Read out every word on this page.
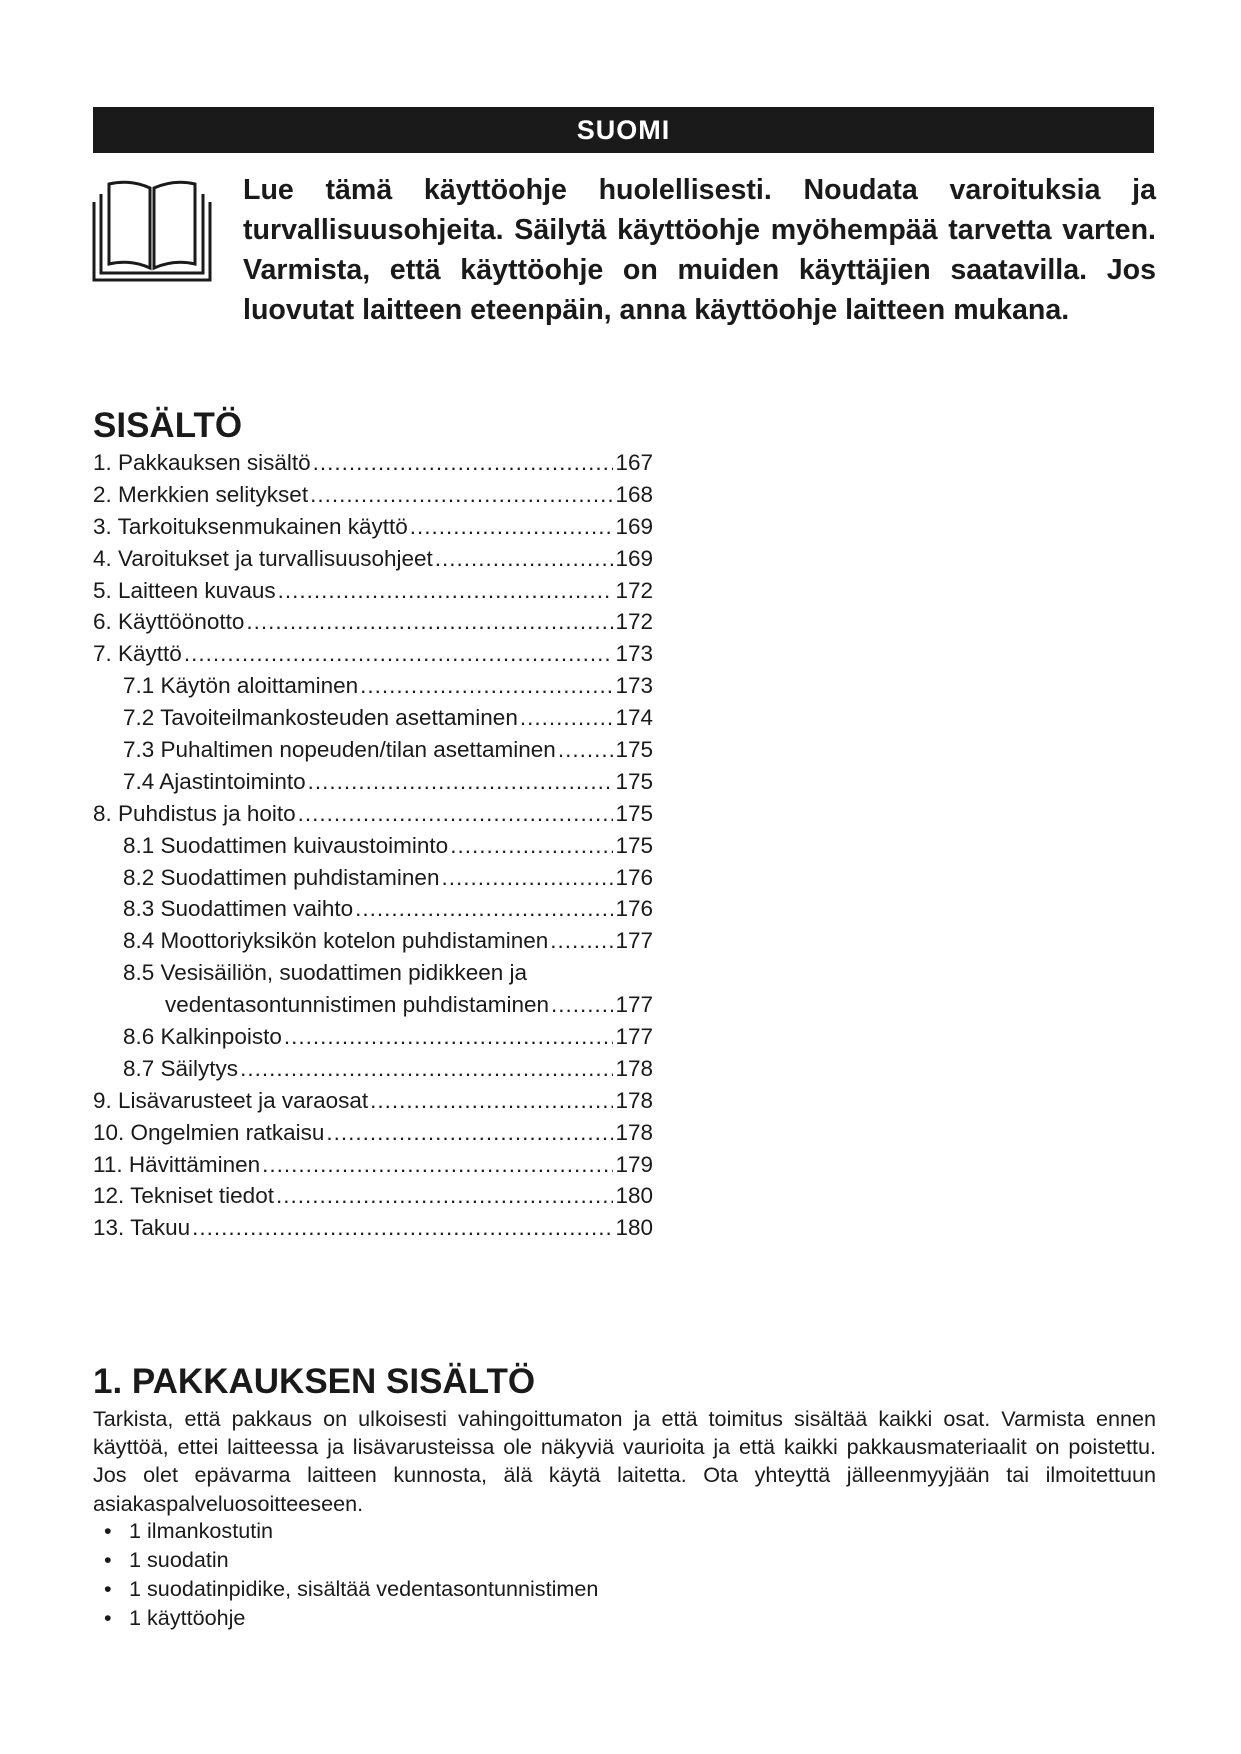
SUOMI

Lue tämä käyttöohje huolellisesti. Noudata varoituksia ja turvallisuusohjeita. Säilytä käyttöohje myöhempää tarvetta varten. Varmista, että käyttöohje on muiden käyttäjien saatavilla. Jos luovutat laitteen eteenpäin, anna käyttöohje laitteen mukana.

SISÄLTÖ
1. Pakkauksen sisältö .....	167
2. Merkkien selitykset .....	168
3. Tarkoituksenmukainen käyttö .....	169
4. Varoitukset ja turvallisuusohjeet .....	169
5. Laitteen kuvaus .....	172
6. Käyttöönotto .....	172
7. Käyttö .....	173
7.1 Käytön aloittaminen .....	173
7.2 Tavoiteilmankosteuden asettaminen .....	174
7.3 Puhaltimen nopeuden/tilan asettaminen .....	175
7.4 Ajastintoiminto .....	175
8. Puhdistus ja hoito .....	175
8.1 Suodattimen kuivaustoiminto .....	175
8.2 Suodattimen puhdistaminen .....	176
8.3 Suodattimen vaihto .....	176
8.4 Moottoriyksikön kotelon puhdistaminen .....	177
8.5 Vesisäiliön, suodattimen pidikkeen ja
vedentasontunnistimen puhdistaminen .....	177
8.6 Kalkinpoisto .....	177
8.7 Säilytys .....	178
9. Lisävarusteet ja varaosat .....	178
10. Ongelmien ratkaisu .....	178
11. Hävittäminen .....	179
12. Tekniset tiedot .....	180
13. Takuu .....	180
1. PAKKAUKSEN SISÄLTÖ

Tarkista, että pakkaus on ulkoisesti vahingoittumaton ja että toimitus sisältää kaikki osat. Varmista ennen käyttöä, ettei laitteessa ja lisävarusteissa ole näkyviä vaurioita ja että kaikki pakkausmateriaalit on poistettu. Jos olet epävarma laitteen kunnosta, älä käytä laitetta. Ota yhteyttä jälleenmyyjään tai ilmoitettuun asiakaspalveluosoitteeseen.

• 1 ilmankostutin
• 1 suodatin
• 1 suodatinpidike, sisältää vedentasontunnistimen
• 1 käyttöohje
